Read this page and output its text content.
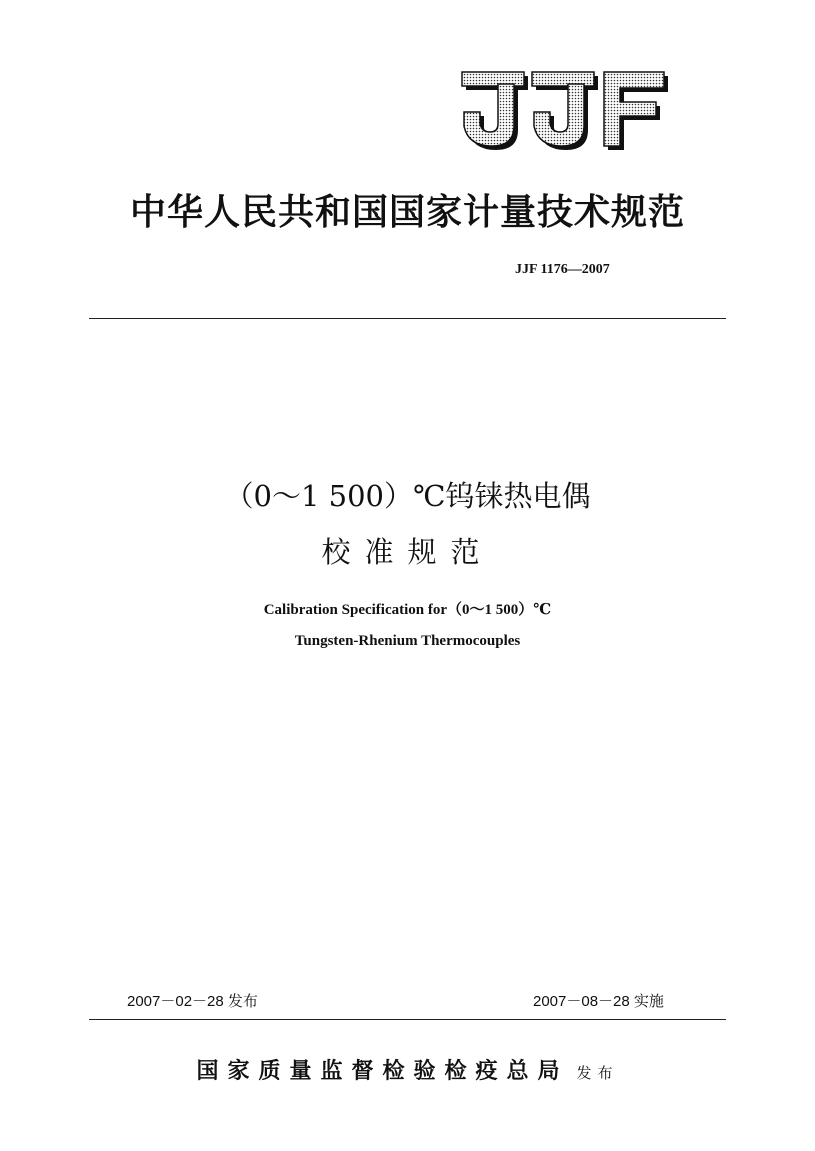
中华人民共和国国家计量技术规范
JJF 1176—2007
（0～1 500）℃钨铼热电偶
校准规范
Calibration Specification for（0～1 500）℃
Tungsten-Rhenium Thermocouples
2007－02－28 发布	2007－08－28 实施
国家质量监督检验检疫总局 发布
